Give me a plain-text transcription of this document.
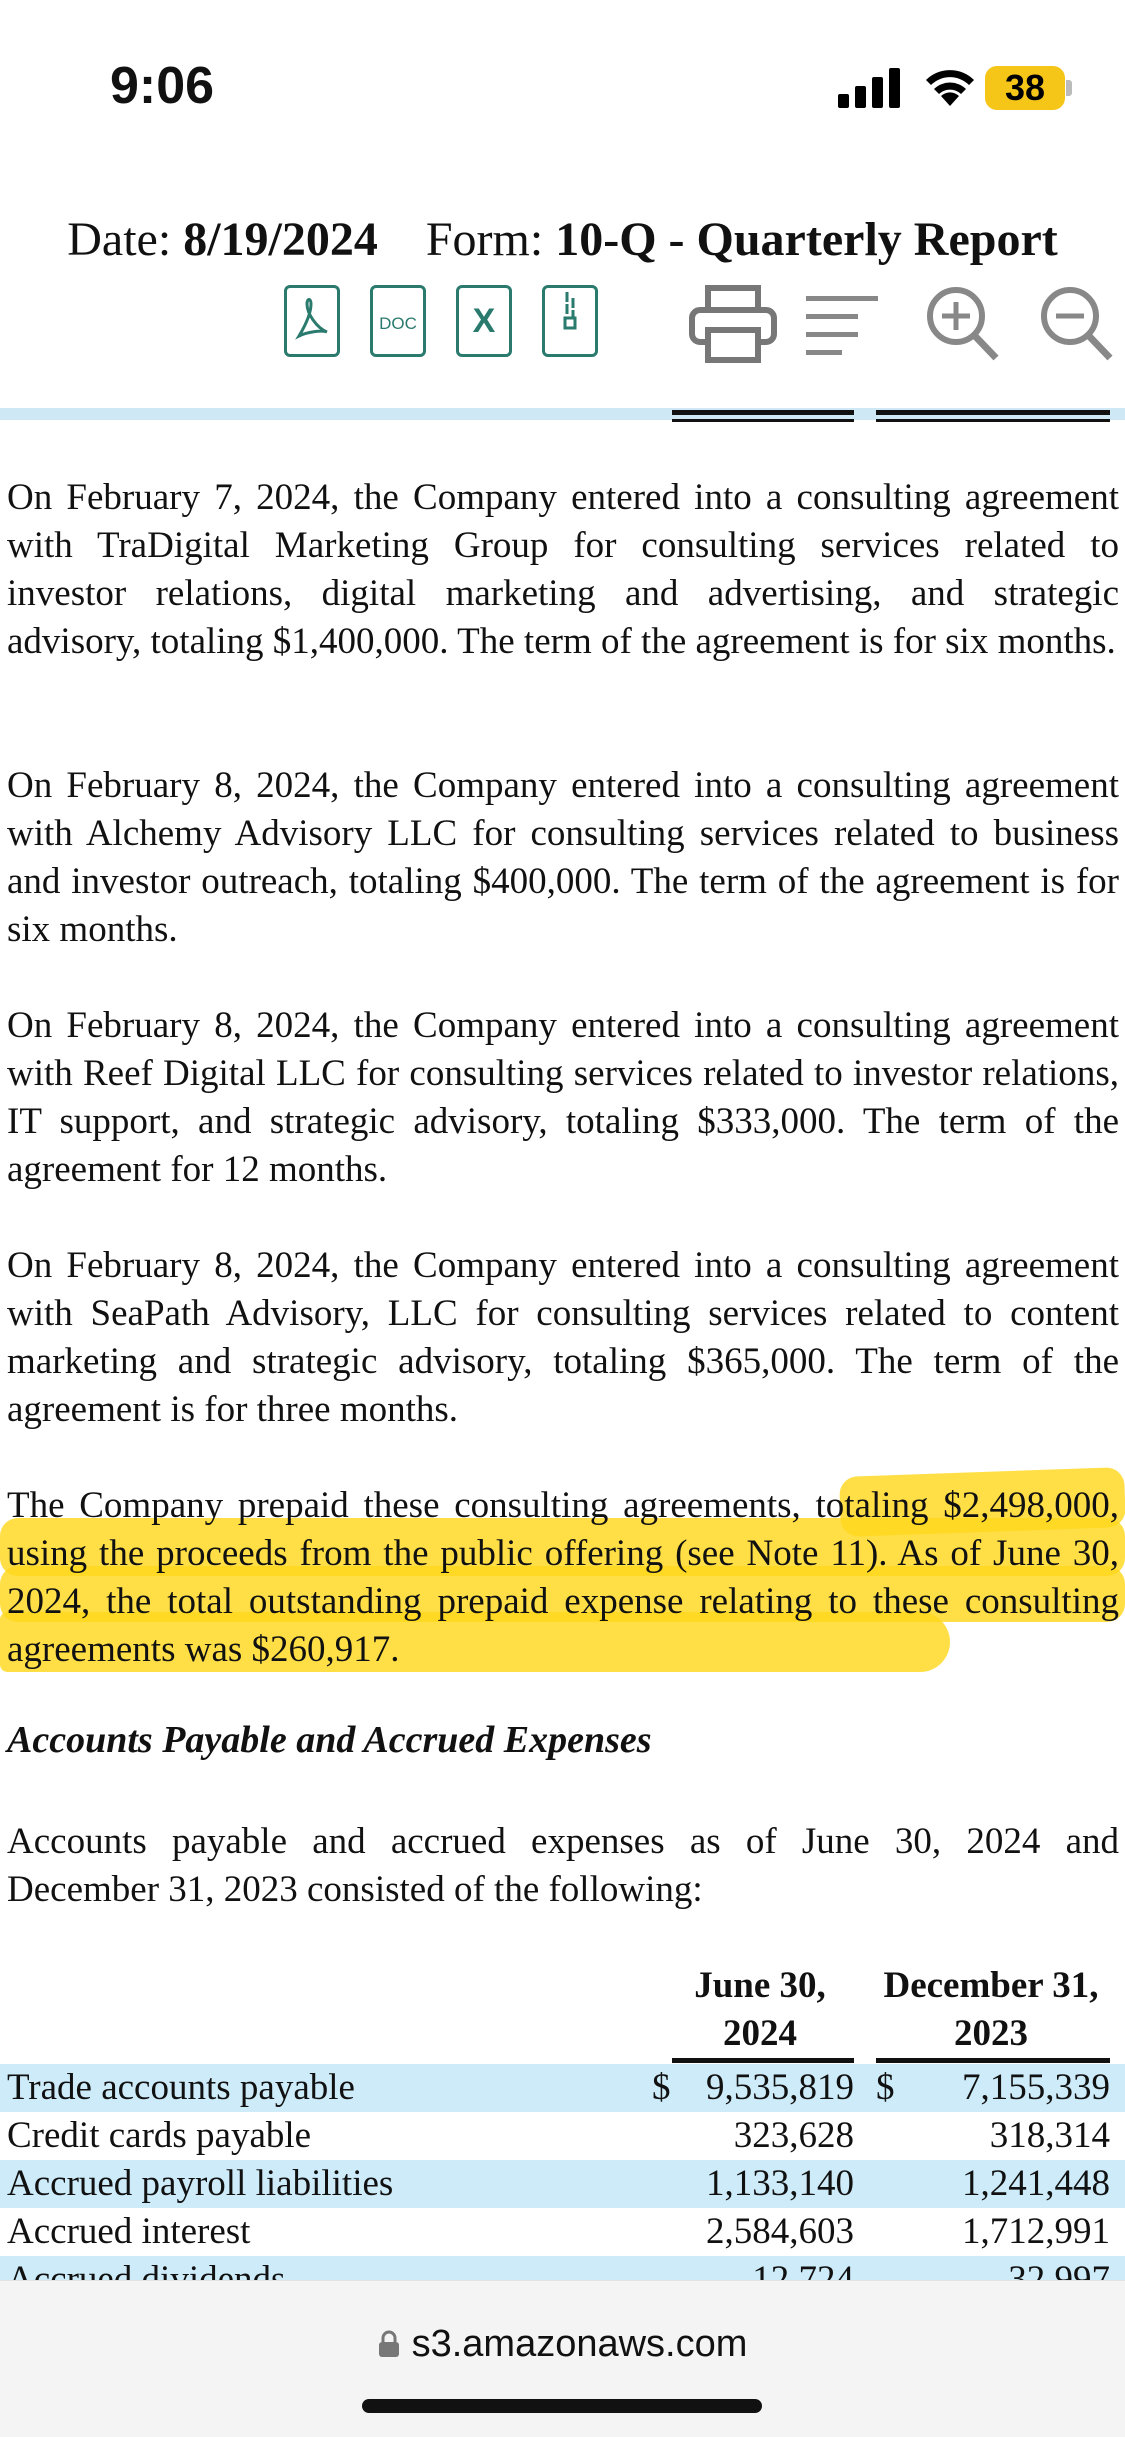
9:06	38
Date: 8/19/2024 Form: 10-Q - Quarterly Report
DOC	X
On February 7, 2024, the Company entered into a consulting agreement with TraDigital Marketing Group for consulting services related to investor relations, digital marketing and advertising, and strategic advisory, totaling $1,400,000. The term of the agreement is for six months.
On February 8, 2024, the Company entered into a consulting agreement with Alchemy Advisory LLC for consulting services related to business and investor outreach, totaling $400,000. The term of the agreement is for six months.
On February 8, 2024, the Company entered into a consulting agreement with Reef Digital LLC for consulting services related to investor relations, IT support, and strategic advisory, totaling $333,000. The term of the agreement for 12 months.
On February 8, 2024, the Company entered into a consulting agreement with SeaPath Advisory, LLC for consulting services related to content marketing and strategic advisory, totaling $365,000. The term of the agreement is for three months.
The Company prepaid these consulting agreements, totaling $2,498,000, using the proceeds from the public offering (see Note 11). As of June 30, 2024, the total outstanding prepaid expense relating to these consulting agreements was $260,917.
Accounts Payable and Accrued Expenses
Accounts payable and accrued expenses as of June 30, 2024 and December 31, 2023 consisted of the following:
June 30,
2024
December 31,
2023
Trade accounts payable	$ 9,535,819 $	7,155,339
Credit cards payable	323,628	318,314
Accrued payroll liabilities	1,133,140	1,241,448
Accrued interest	2,584,603	1,712,991
s3.amazonaws.com
